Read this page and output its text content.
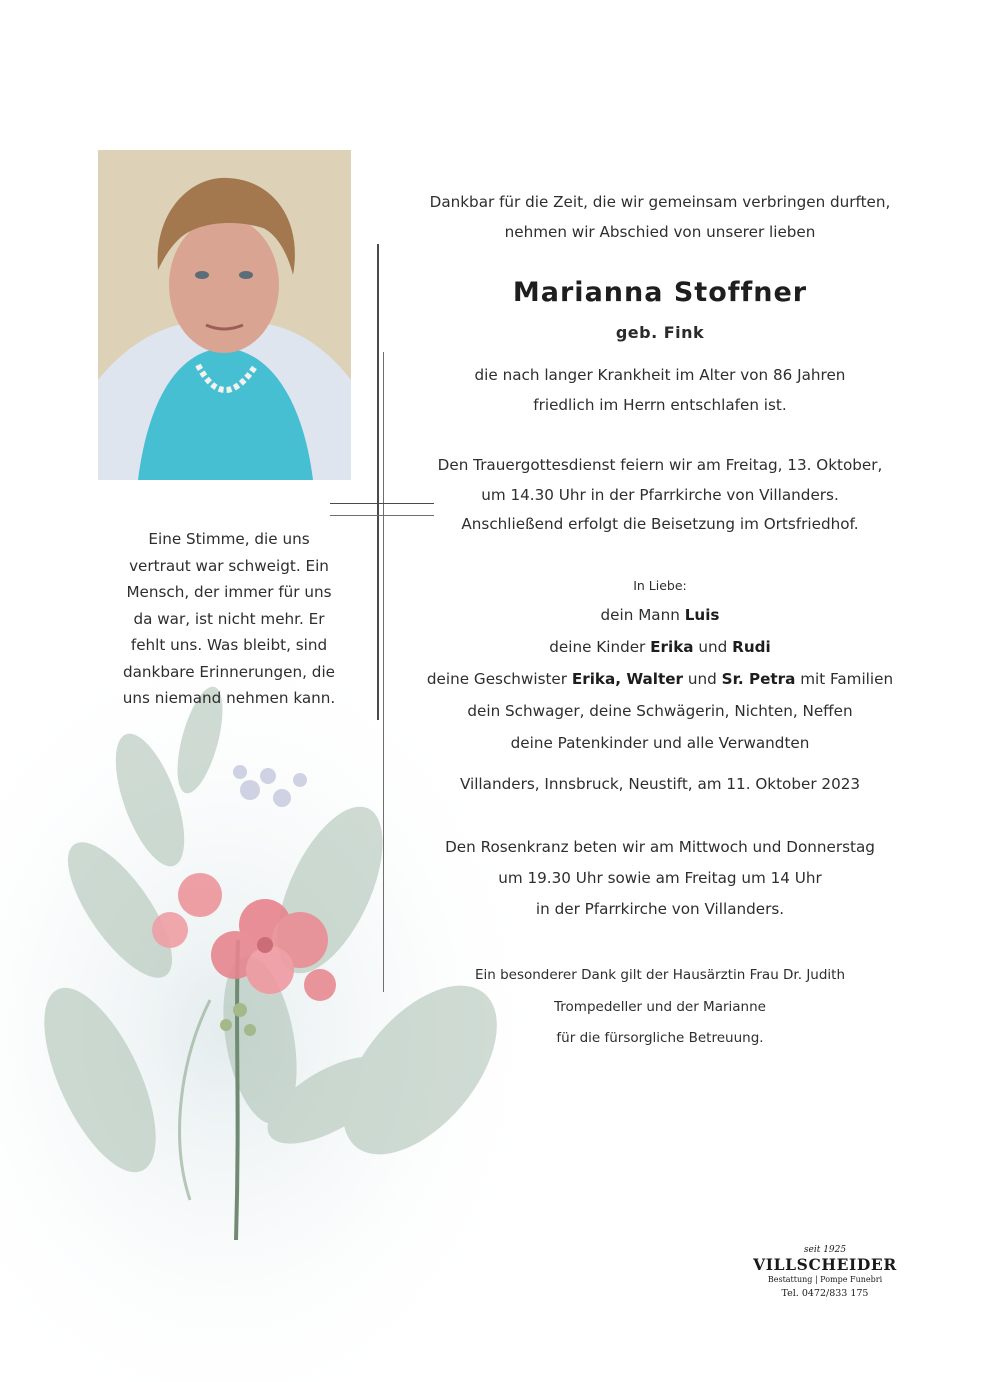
Eine Stimme, die uns
vertraut war schweigt. Ein
Mensch, der immer für uns
da war, ist nicht mehr. Er
fehlt uns. Was bleibt, sind
dankbare Erinnerungen, die
uns niemand nehmen kann.
Dankbar für die Zeit, die wir gemeinsam verbringen durften,
nehmen wir Abschied von unserer lieben
Marianna Stoffner
geb. Fink
die nach langer Krankheit im Alter von 86 Jahren
friedlich im Herrn entschlafen ist.
Den Trauergottesdienst feiern wir am Freitag, 13. Oktober,
um 14.30 Uhr in der Pfarrkirche von Villanders.
Anschließend erfolgt die Beisetzung im Ortsfriedhof.
In Liebe:
dein Mann Luis
deine Kinder Erika und Rudi
deine Geschwister Erika, Walter und Sr. Petra mit Familien
dein Schwager, deine Schwägerin, Nichten, Neffen
deine Patenkinder und alle Verwandten
Villanders, Innsbruck, Neustift, am 11. Oktober 2023
Den Rosenkranz beten wir am Mittwoch und Donnerstag
um 19.30 Uhr sowie am Freitag um 14 Uhr
in der Pfarrkirche von Villanders.
Ein besonderer Dank gilt der Hausärztin Frau Dr. Judith
Trompedeller und der Marianne
für die fürsorgliche Betreuung.
seit 1925
VILLSCHEIDER
Bestattung | Pompe Funebri
Tel. 0472/833 175
